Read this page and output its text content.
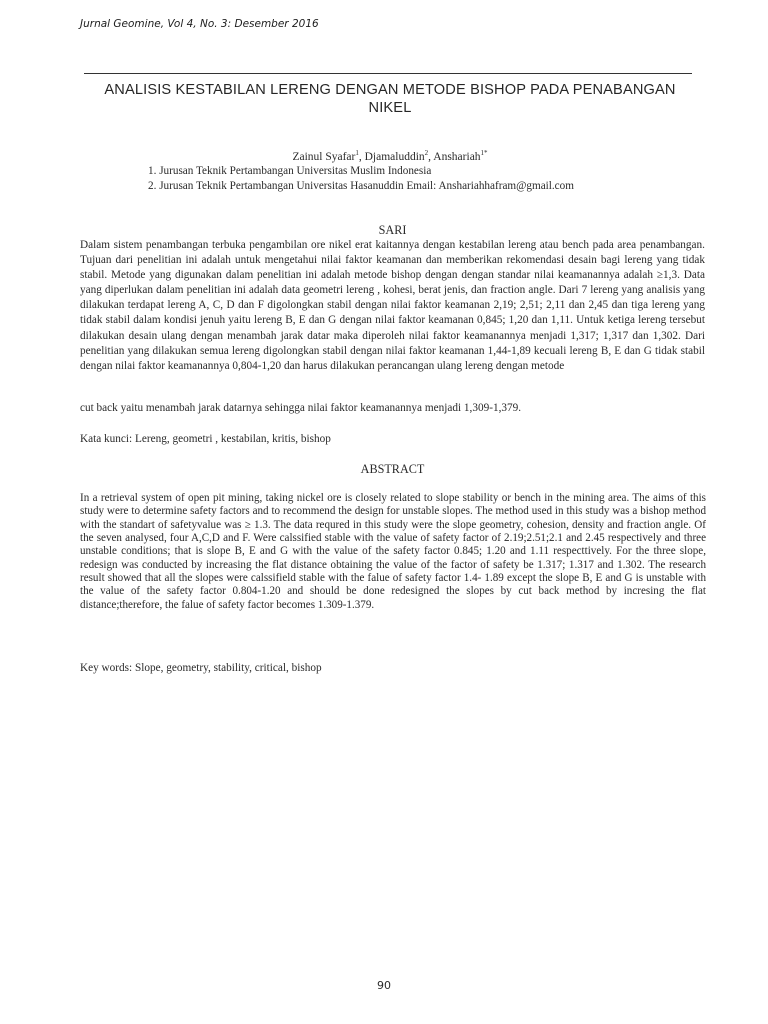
Jurnal Geomine, Vol 4, No. 3: Desember 2016

ANALISIS KESTABILAN LERENG DENGAN METODE BISHOP PADA PENABANGAN NIKEL

Zainul Syafar$^1$, Djamaluddin$^2$, Anshariah$^{1*}$

1. Jurusan Teknik Pertambangan Universitas Muslim Indonesia
2. Jurusan Teknik Pertambangan Universitas Hasanuddin Email: Anshariahhafram@gmail.com
SARI

Dalam sistem penambangan terbuka pengambilan ore nikel erat kaitannya dengan kestabilan lereng atau bench pada area penambangan. Tujuan dari penelitian ini adalah untuk mengetahui nilai faktor keamanan dan memberikan rekomendasi desain bagi lereng yang tidak stabil. Metode yang digunakan dalam penelitian ini adalah metode bishop dengan dengan standar nilai keamanannya adalah ≥1,3. Data yang diperlukan dalam penelitian ini adalah data geometri lereng , kohesi, berat jenis, dan fraction angle. Dari 7 lereng yang analisis yang dilakukan terdapat lereng A, C, D dan F digolongkan stabil dengan nilai faktor keamanan 2,19; 2,51; 2,11 dan 2,45 dan tiga lereng yang tidak stabil dalam kondisi jenuh yaitu lereng B, E dan G dengan nilai faktor keamanan 0,845; 1,20 dan 1,11. Untuk ketiga lereng tersebut dilakukan desain ulang dengan menambah jarak datar maka diperoleh nilai faktor keamanannya menjadi 1,317; 1,317 dan 1,302. Dari penelitian yang dilakukan semua lereng digolongkan stabil dengan nilai faktor keamanan 1,44-1,89 kecuali lereng B, E dan G tidak stabil dengan nilai faktor keamanannya 0,804-1,20 dan harus dilakukan perancangan ulang lereng dengan metode

cut back yaitu menambah jarak datarnya sehingga nilai faktor keamanannya menjadi 1,309-1,379.

Kata kunci: Lereng, geometri , kestabilan, kritis, bishop

ABSTRACT

In a retrieval system of open pit mining, taking nickel ore is closely related to slope stability or bench in the mining area. The aims of this study were to determine safety factors and to recommend the design for unstable slopes. The method used in this study was a bishop method with the standart of safetyvalue was ≥ 1.3. The data requred in this study were the slope geometry, cohesion, density and fraction angle. Of the seven analysed, four A,C,D and F. Were calssified stable with the value of safety factor of 2.19;2.51;2.1 and 2.45 respectively and three unstable conditions; that is slope B, E and G with the value of the safety factor 0.845; 1.20 and 1.11 respecttively. For the three slope, redesign was conducted by increasing the flat distance obtaining the value of the factor of safety be 1.317; 1.317 and 1.302. The research result showed that all the slopes were calssifield stable with the falue of safety factor 1.4- 1.89 except the slope B, E and G is unstable with the value of the safety factor 0.804-1.20 and should be done redesigned the slopes by cut back method by incresing the flat distance;therefore, the falue of safety factor becomes 1.309-1.379.

Key words: Slope, geometry, stability, critical, bishop

90
